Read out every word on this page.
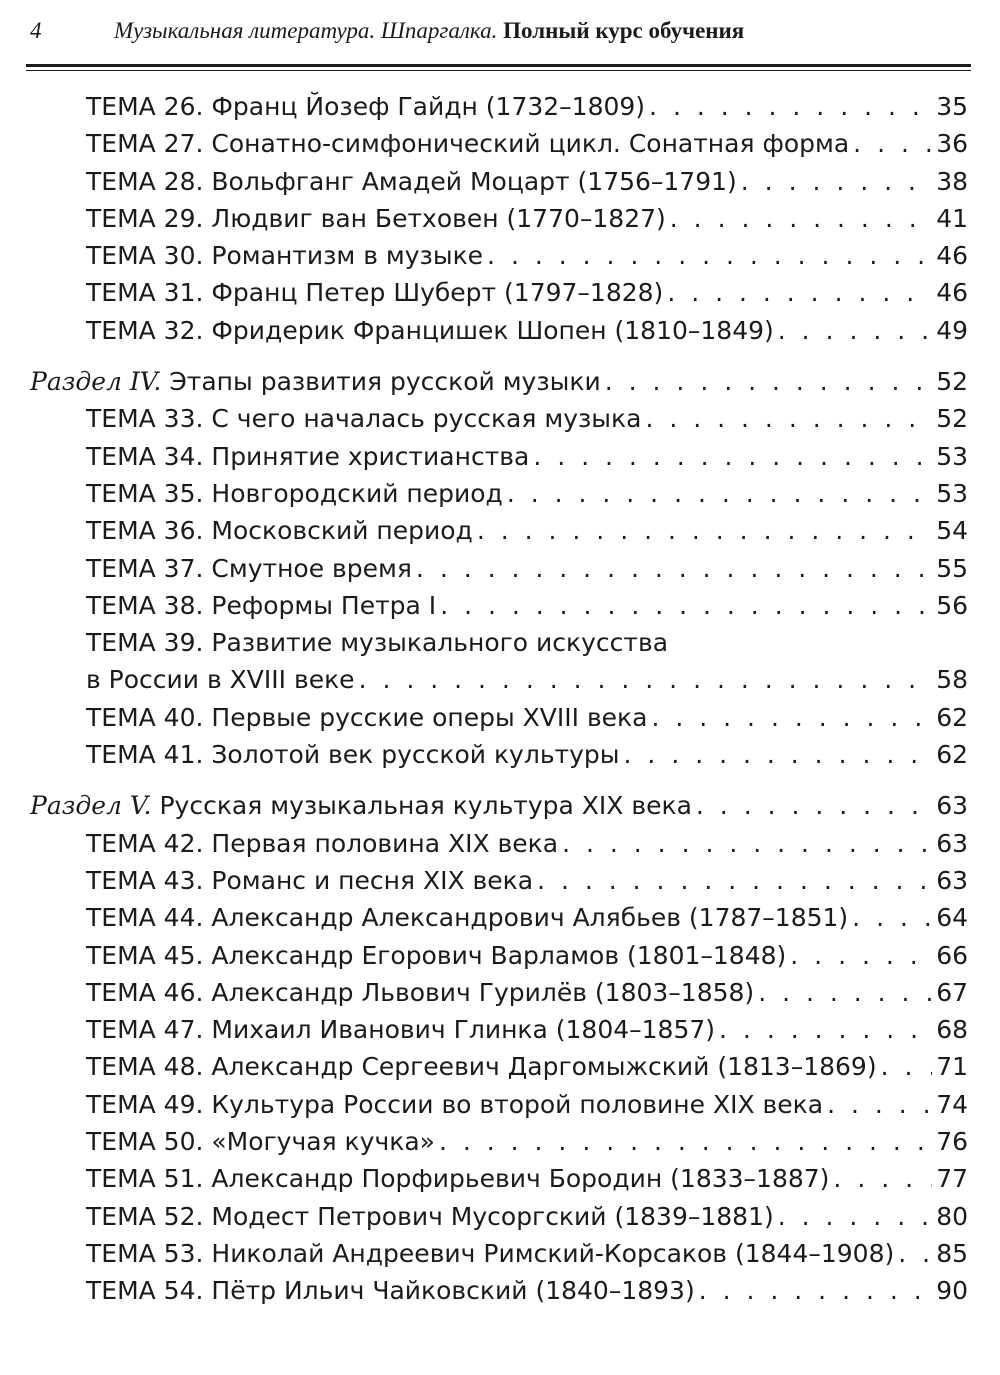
4	Музыкальная литература. Шпаргалка. Полный курс обучения
ТЕМА 26. Франц Йозеф Гайдн (1732–1809) . . .	35
ТЕМА 27. Сонатно-симфонический цикл. Сонатная форма . . .	36
ТЕМА 28. Вольфганг Амадей Моцарт (1756–1791) . . .	38
ТЕМА 29. Людвиг ван Бетховен (1770–1827) . . .	41
ТЕМА 30. Романтизм в музыке . . .	46
ТЕМА 31. Франц Петер Шуберт (1797–1828) . . .	46
ТЕМА 32. Фридерик Францишек Шопен (1810–1849) . . .	49
Раздел IV. Этапы развития русской музыки . . .	52
ТЕМА 33. С чего началась русская музыка . . .	52
ТЕМА 34. Принятие христианства . . .	53
ТЕМА 35. Новгородский период . . .	53
ТЕМА 36. Московский период . . .	54
ТЕМА 37. Смутное время . . .	55
ТЕМА 38. Реформы Петра I . . .	56
ТЕМА 39. Развитие музыкального искусства
в России в XVIII веке . . .	58
ТЕМА 40. Первые русские оперы XVIII века . . .	62
ТЕМА 41. Золотой век русской культуры . . .	62
Раздел V. Русская музыкальная культура XIX века . . .	63
ТЕМА 42. Первая половина XIX века . . .	63
ТЕМА 43. Романс и песня XIX века . . .	63
ТЕМА 44. Александр Александрович Алябьев (1787–1851) . . .	64
ТЕМА 45. Александр Егорович Варламов (1801–1848) . . .	66
ТЕМА 46. Александр Львович Гурилёв (1803–1858) . . .	67
ТЕМА 47. Михаил Иванович Глинка (1804–1857) . . .	68
ТЕМА 48. Александр Сергеевич Даргомыжский (1813–1869) . . . 71
ТЕМА 49. Культура России во второй половине XIX века . . .	74
ТЕМА 50. «Могучая кучка» . . .	76
ТЕМА 51. Александр Порфирьевич Бородин (1833–1887) . . .	77
ТЕМА 52. Модест Петрович Мусоргский (1839–1881) . . .	80
ТЕМА 53. Николай Андреевич Римский-Корсаков (1844–1908) . . . 85
ТЕМА 54. Пётр Ильич Чайковский (1840–1893) . . .	90
